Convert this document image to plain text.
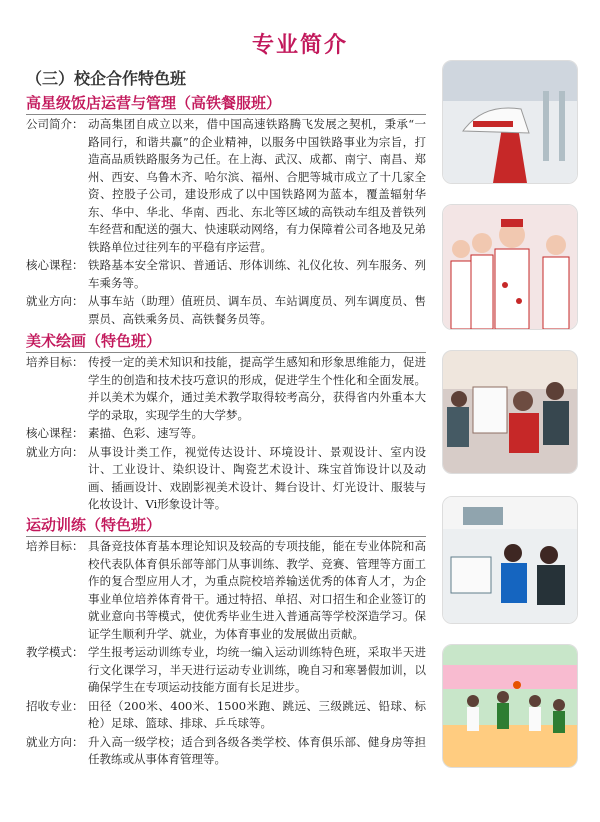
专业简介
（三）校企合作特色班
高星级饭店运营与管理（高铁餐服班）
公司简介： 动高集团自成立以来，借中国高速铁路腾飞发展之契机，秉承“一路同行，和谐共赢”的企业精神，以服务中国铁路事业为宗旨，打造高品质铁路服务为己任。在上海、武汉、成都、南宁、南昌、郑州、西安、乌鲁木齐、哈尔滨、福州、合肥等城市成立了十几家全资、控股子公司，建设形成了以中国铁路网为蓝本，覆盖辐射华东、华中、华北、华南、西北、东北等区域的高铁动车组及普铁列车经营和配送的强大、快速联动网络，有力保障着公司各地及兄弟铁路单位过往列车的平稳有序运营。
核心课程： 铁路基本安全常识、普通话、形体训练、礼仪化妆、列车服务、列车乘务等。
就业方向： 从事车站（助理）值班员、调车员、车站调度员、列车调度员、售票员、高铁乘务员、高铁餐务员等。
美术绘画（特色班）
培养目标： 传授一定的美术知识和技能，提高学生感知和形象思维能力，促进学生的创造和技术技巧意识的形成，促进学生个性化和全面发展。并以美术为媒介，通过美术教学取得较考高分，获得省内外重本大学的录取，实现学生的大学梦。
核心课程： 素描、色彩、速写等。
就业方向： 从事设计类工作，视觉传达设计、环境设计、景观设计、室内设计、工业设计、染织设计、陶瓷艺术设计、珠宝首饰设计以及动画、插画设计、戏剧影视美术设计、舞台设计、灯光设计、服装与化妆设计、Vi形象设计等。
运动训练（特色班）
培养目标： 具备竞技体育基本理论知识及较高的专项技能，能在专业体院和高校代表队体育俱乐部等部门从事训练、教学、竞赛、管理等方面工作的复合型应用人才，为重点院校培养输送优秀的体育人才，为企事业单位培养体育骨干。通过特招、单招、对口招生和企业签订的就业意向书等模式，使优秀毕业生进入普通高等学校深造学习。保证学生顺利升学、就业，为体育事业的发展做出贡献。
教学模式： 学生报考运动训练专业，均统一编入运动训练特色班，采取半天进行文化课学习，半天进行运动专业训练，晚自习和寒暑假加训，以确保学生在专项运动技能方面有长足进步。
招收专业： 田径（200米、400米、1500米跑、跳远、三级跳远、铅球、标枪）足球、篮球、排球、乒乓球等。
就业方向： 升入高一级学校；适合到各级各类学校、体育俱乐部、健身房等担任教练或从事体育管理等。
